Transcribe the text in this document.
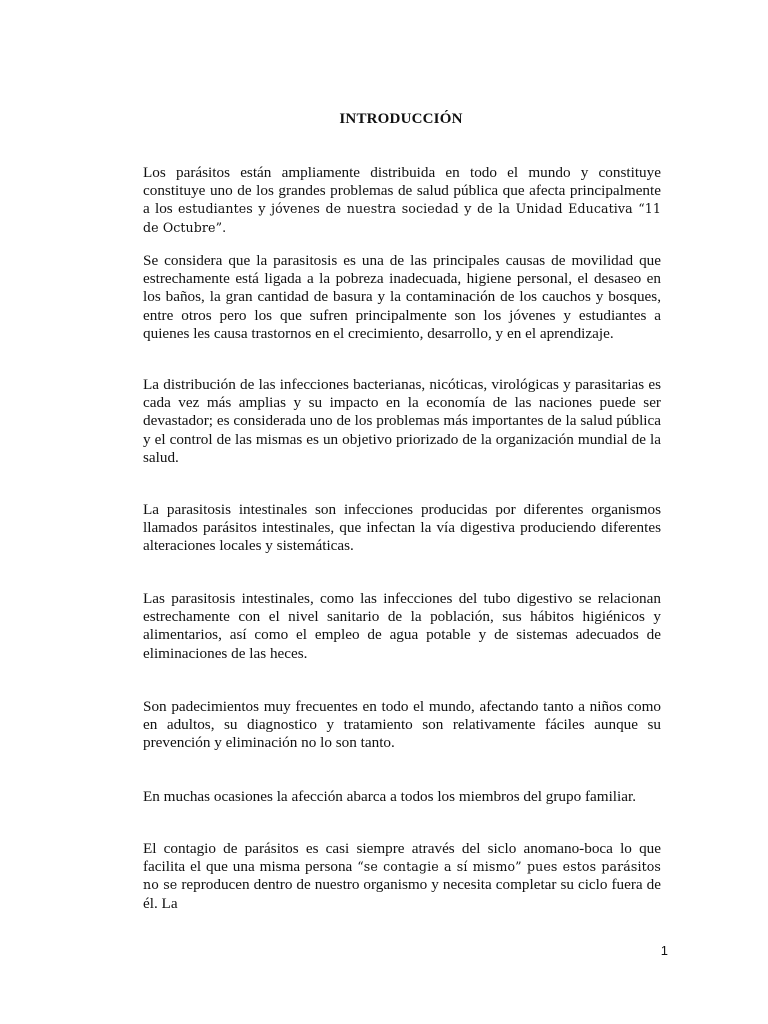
INTRODUCCIÓN

Los parásitos están ampliamente distribuida en todo el mundo y constituye constituye uno de los grandes problemas de salud pública que afecta principalmente a los estudiantes y jóvenes de nuestra sociedad y de la Unidad Educativa “11 de Octubre”.

Se considera que la parasitosis es una de las principales causas de movilidad que estrechamente está ligada a la pobreza inadecuada, higiene personal, el desaseo en los baños, la gran cantidad de basura y la contaminación de los cauchos y bosques, entre otros pero los que sufren principalmente son los jóvenes y estudiantes a quienes les causa trastornos en el crecimiento, desarrollo, y en el aprendizaje.

La distribución de las infecciones bacterianas, nicóticas, virológicas y parasitarias es cada vez más amplias y su impacto en la economía de las naciones puede ser devastador; es considerada uno de los problemas más importantes de la salud pública y el control de las mismas es un objetivo priorizado de la organización mundial de la salud.

La parasitosis intestinales son infecciones producidas por diferentes organismos llamados parásitos intestinales, que infectan la vía digestiva produciendo diferentes alteraciones locales y sistemáticas.

Las parasitosis intestinales, como las infecciones del tubo digestivo se relacionan estrechamente con el nivel sanitario de la población, sus hábitos higiénicos y alimentarios, así como el empleo de agua potable y de sistemas adecuados de eliminaciones de las heces.

Son padecimientos muy frecuentes en todo el mundo, afectando tanto a niños como en adultos, su diagnostico y tratamiento son relativamente fáciles aunque su prevención y eliminación no lo son tanto.

En muchas ocasiones la afección abarca a todos los miembros del grupo familiar.

El contagio de parásitos es casi siempre através del siclo anomano-boca lo que facilita el que una misma persona “se contagie a sí mismo” pues estos parásitos no se reproducen dentro de nuestro organismo y necesita completar su ciclo fuera de él. La

1
